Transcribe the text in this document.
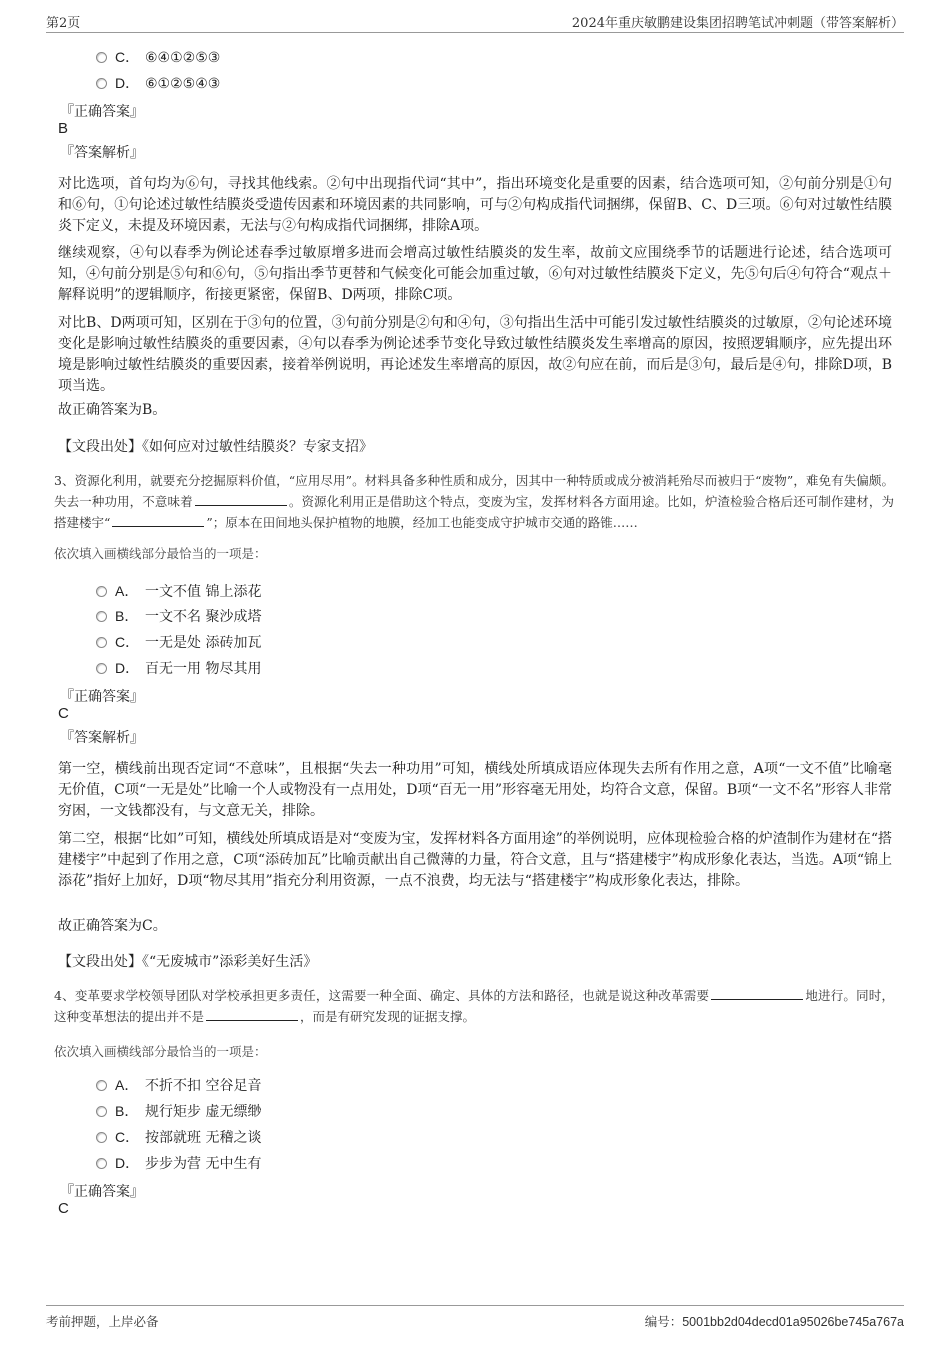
第2页	2024年重庆敏鹏建设集团招聘笔试冲刺题（带答案解析）
C． ⑥④①②⑤③
D． ⑥①②⑤④③
『正确答案』
B
『答案解析』
对比选项，首句均为⑥句，寻找其他线索。②句中出现指代词“其中”，指出环境变化是重要的因素，结合选项可知，②句前分别是①句和⑥句，①句论述过敏性结膜炎受遗传因素和环境因素的共同影响，可与②句构成指代词捆绑，保留B、C、D三项。⑥句对过敏性结膜炎下定义，未提及环境因素，无法与②句构成指代词捆绑，排除A项。
继续观察，④句以春季为例论述春季过敏原增多进而会增高过敏性结膜炎的发生率，故前文应围绕季节的话题进行论述，结合选项可知，④句前分别是⑤句和⑥句，⑤句指出季节更替和气候变化可能会加重过敏，⑥句对过敏性结膜炎下定义，先⑤句后④句符合“观点＋解释说明”的逻辑顺序，衔接更紧密，保留B、D两项，排除C项。
对比B、D两项可知，区别在于③句的位置，③句前分别是②句和④句，③句指出生活中可能引发过敏性结膜炎的过敏原，②句论述环境变化是影响过敏性结膜炎的重要因素，④句以春季为例论述季节变化导致过敏性结膜炎发生率增高的原因，按照逻辑顺序，应先提出环境是影响过敏性结膜炎的重要因素，接着举例说明，再论述发生率增高的原因，故②句应在前，而后是③句，最后是④句，排除D项，B项当选。
故正确答案为B。
【文段出处】《如何应对过敏性结膜炎？专家支招》
3、资源化利用，就要充分挖掘原料价值，“应用尽用”。材料具备多种性质和成分，因其中一种特质或成分被消耗殆尽而被归于“废物”，难免有失偏颇。失去一种功用，不意味着	。资源化利用正是借助这个特点，变废为宝，发挥材料各方面用途。比如，炉渣检验合格后还可制作建材，为搭建楼宇“	”；原本在田间地头保护植物的地膜，经加工也能变成守护城市交通的路锥……
依次填入画横线部分最恰当的一项是：
A． 一文不值 锦上添花
B． 一文不名 聚沙成塔
C． 一无是处 添砖加瓦
D． 百无一用 物尽其用
『正确答案』
C
『答案解析』
第一空，横线前出现否定词“不意味”，且根据“失去一种功用”可知，横线处所填成语应体现失去所有作用之意，A项“一文不值”比喻毫无价值，C项“一无是处”比喻一个人或物没有一点用处，D项“百无一用”形容毫无用处，均符合文意，保留。B项“一文不名”形容人非常穷困，一文钱都没有，与文意无关，排除。
第二空，根据“比如”可知，横线处所填成语是对“变废为宝，发挥材料各方面用途”的举例说明，应体现检验合格的炉渣制作为建材在“搭建楼宇”中起到了作用之意，C项“添砖加瓦”比喻贡献出自己微薄的力量，符合文意，且与“搭建楼宇”构成形象化表达，当选。A项“锦上添花”指好上加好，D项“物尽其用”指充分利用资源，一点不浪费，均无法与“搭建楼宇”构成形象化表达，排除。
故正确答案为C。
【文段出处】《“无废城市”添彩美好生活》
4、变革要求学校领导团队对学校承担更多责任，这需要一种全面、确定、具体的方法和路径，也就是说这种改革需要	地进行。同时，这种变革想法的提出并不是	，而是有研究发现的证据支撑。
依次填入画横线部分最恰当的一项是：
A． 不折不扣 空谷足音
B． 规行矩步 虚无缥缈
C． 按部就班 无稽之谈
D． 步步为营 无中生有
『正确答案』
C
考前押题，上岸必备	编号：5001bb2d04decd01a95026be745a767a
